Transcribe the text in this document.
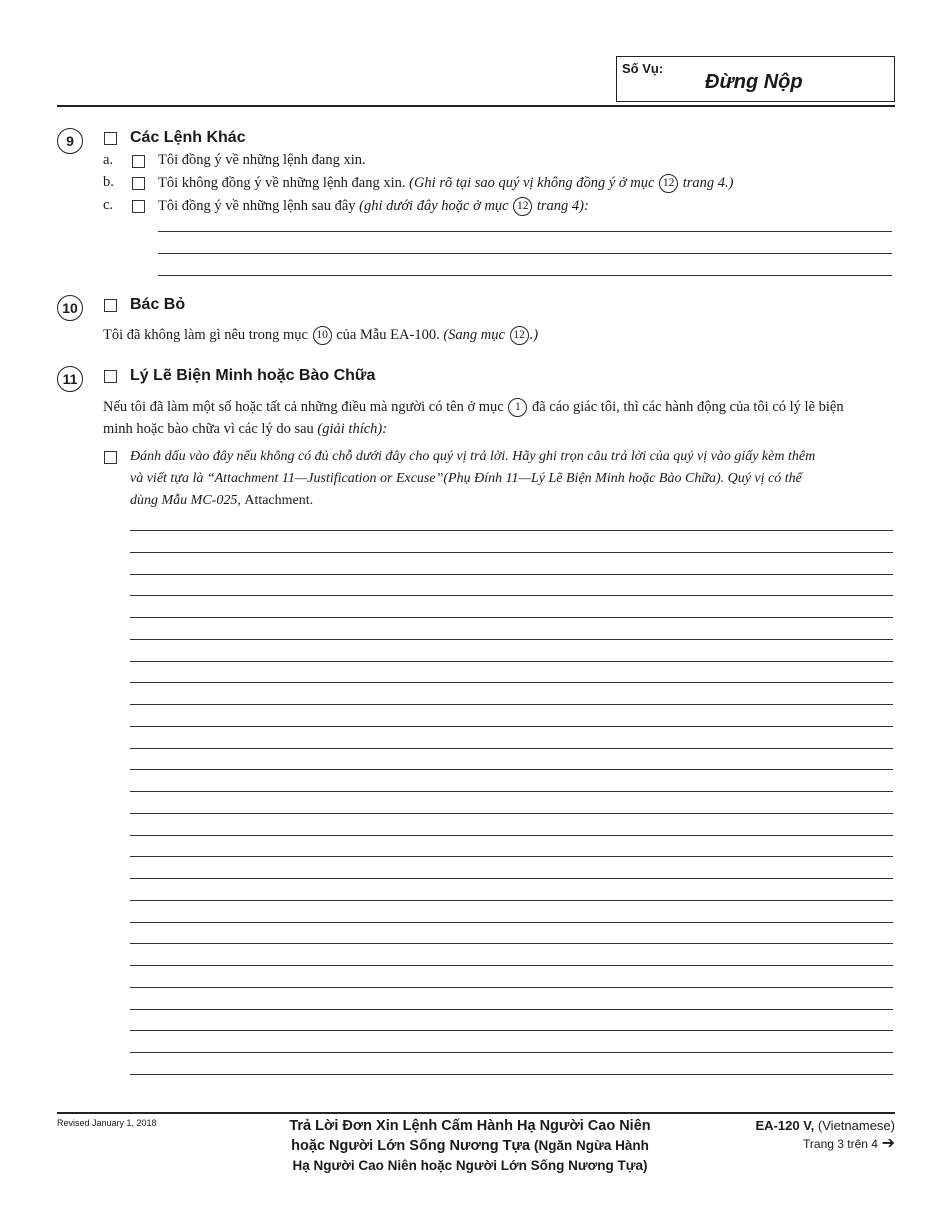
Số Vụ:
Đừng Nộp
9	Các Lệnh Khác
a.	Tôi đồng ý về những lệnh đang xin.
b.	Tôi không đồng ý về những lệnh đang xin. (Ghi rõ tại sao quý vị không đồng ý ở mục 12 trang 4.)
c.	Tôi đồng ý về những lệnh sau đây (ghi dưới đây hoặc ở mục 12 trang 4):
10	Bác Bỏ
Tôi đã không làm gì nêu trong mục 10 của Mẫu EA-100. (Sang mục 12 .)
11	Lý Lẽ Biện Minh hoặc Bào Chữa
Nếu tôi đã làm một số hoặc tất cả những điều mà người có tên ở mục 1 đã cáo giác tôi, thì các hành động của tôi có lý lẽ biện
minh hoặc bào chữa vì các lý do sau (giải thích):
Đánh dấu vào đây nếu không có đủ chỗ dưới đây cho quý vị trả lời. Hãy ghi trọn câu trả lời của quý vị vào giấy kèm thêm
và viết tựa là “Attachment 11—Justification or Excuse”(Phụ Đính 11—Lý Lẽ Biện Minh hoặc Bào Chữa). Quý vị có thể
dùng Mẫu MC-025, Attachment.
Revised January 1, 2018	Trả Lời Đơn Xin Lệnh Cấm Hành Hạ Người Cao Niên
hoặc Người Lớn Sống Nương Tựa (Ngăn Ngừa Hành
Hạ Người Cao Niên hoặc Người Lớn Sống Nương Tựa)
EA-120 V, (Vietnamese)
Trang 3 trên 4 ➔
